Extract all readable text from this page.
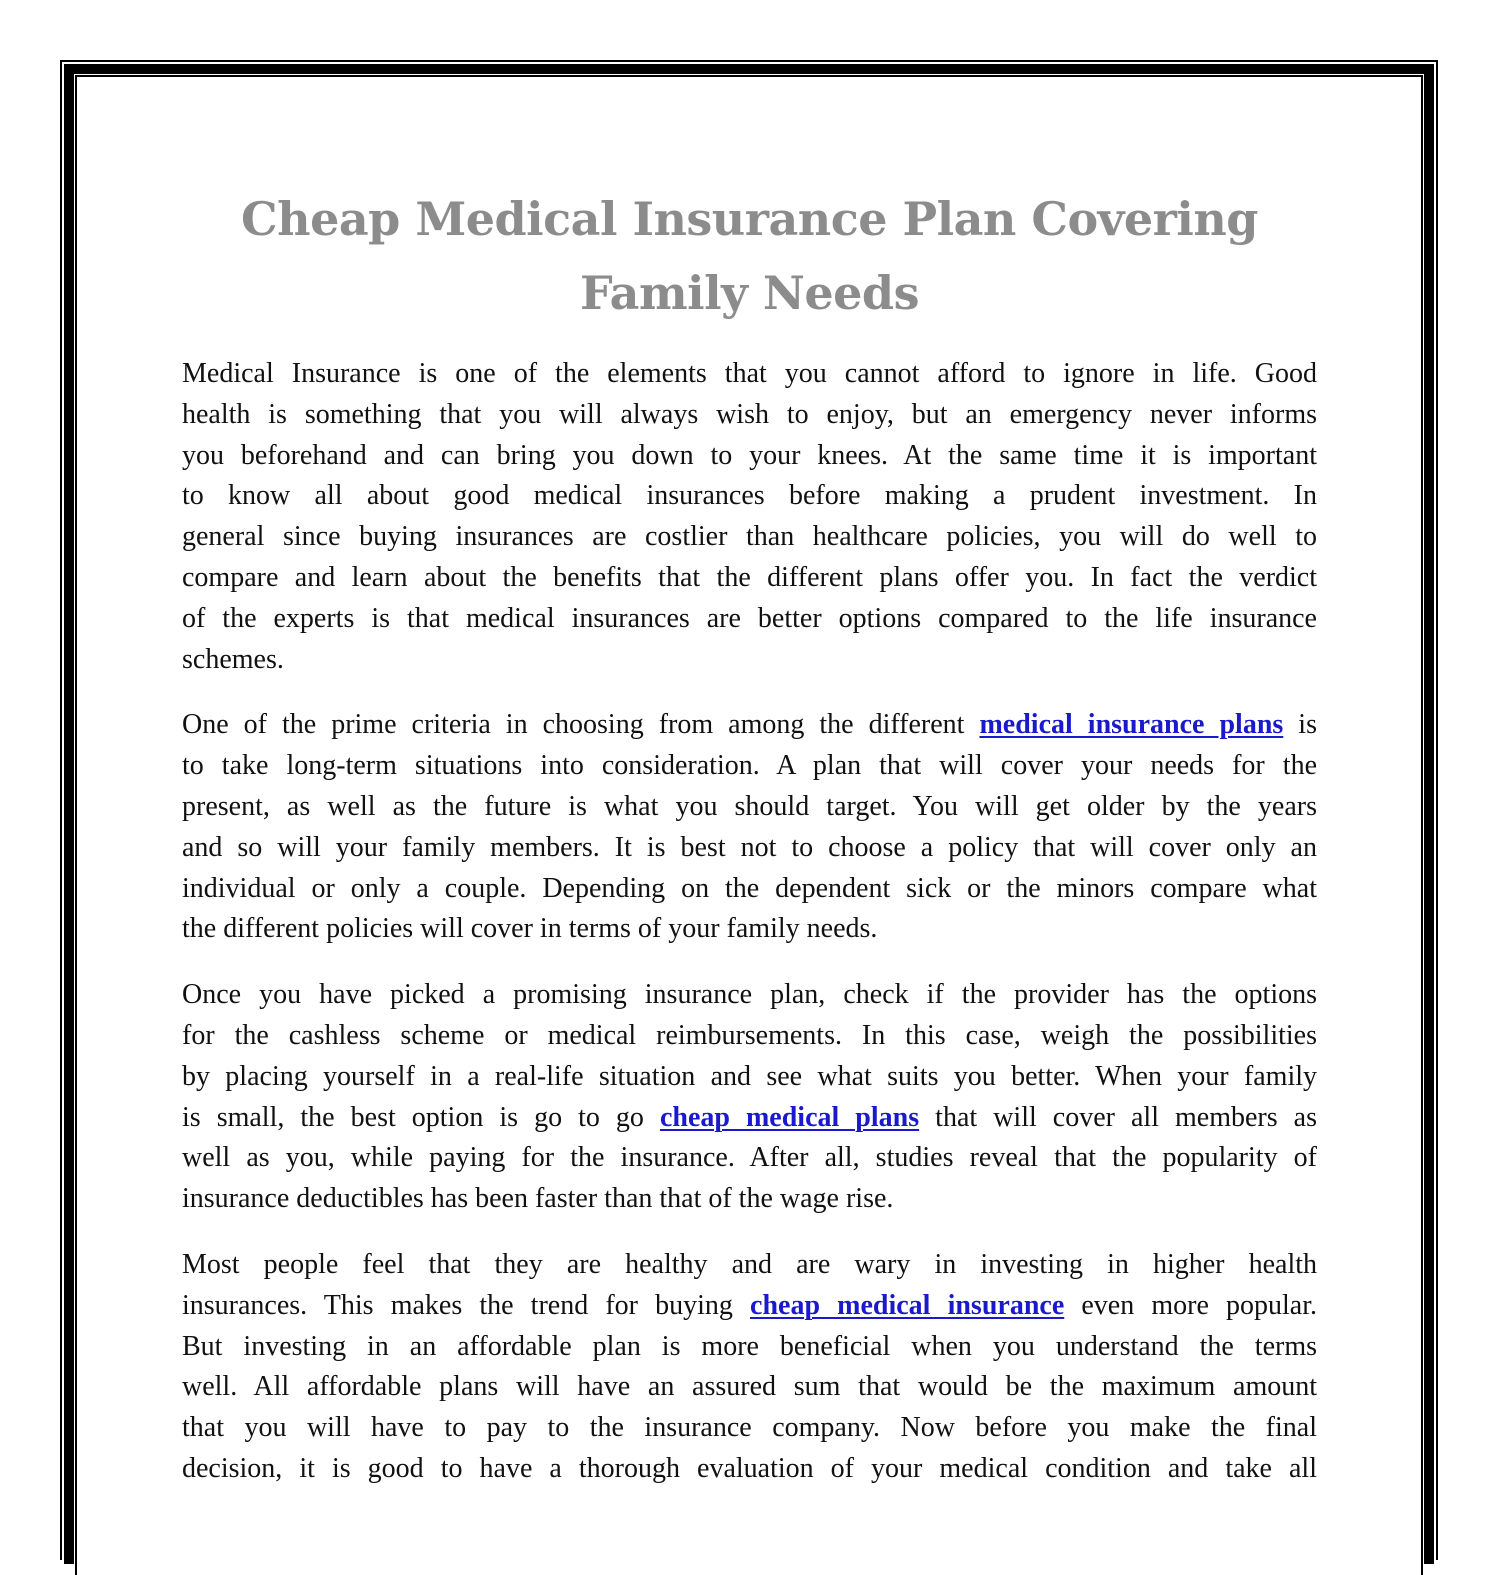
Cheap Medical Insurance Plan Covering
Family Needs

Medical Insurance is one of the elements that you cannot afford to ignore in life. Good
health is something that you will always wish to enjoy, but an emergency never informs
you beforehand and can bring you down to your knees. At the same time it is important
to know all about good medical insurances before making a prudent investment. In
general since buying insurances are costlier than healthcare policies, you will do well to
compare and learn about the benefits that the different plans offer you. In fact the verdict
of the experts is that medical insurances are better options compared to the life insurance
schemes.

One of the prime criteria in choosing from among the different medical insurance plans is
to take long-term situations into consideration. A plan that will cover your needs for the
present, as well as the future is what you should target. You will get older by the years
and so will your family members. It is best not to choose a policy that will cover only an
individual or only a couple. Depending on the dependent sick or the minors compare what
the different policies will cover in terms of your family needs.

Once you have picked a promising insurance plan, check if the provider has the options
for the cashless scheme or medical reimbursements. In this case, weigh the possibilities
by placing yourself in a real-life situation and see what suits you better. When your family
is small, the best option is go to go cheap medical plans that will cover all members as
well as you, while paying for the insurance. After all, studies reveal that the popularity of
insurance deductibles has been faster than that of the wage rise.

Most people feel that they are healthy and are wary in investing in higher health
insurances. This makes the trend for buying cheap medical insurance even more popular.
But investing in an affordable plan is more beneficial when you understand the terms
well. All affordable plans will have an assured sum that would be the maximum amount
that you will have to pay to the insurance company. Now before you make the final
decision, it is good to have a thorough evaluation of your medical condition and take all
